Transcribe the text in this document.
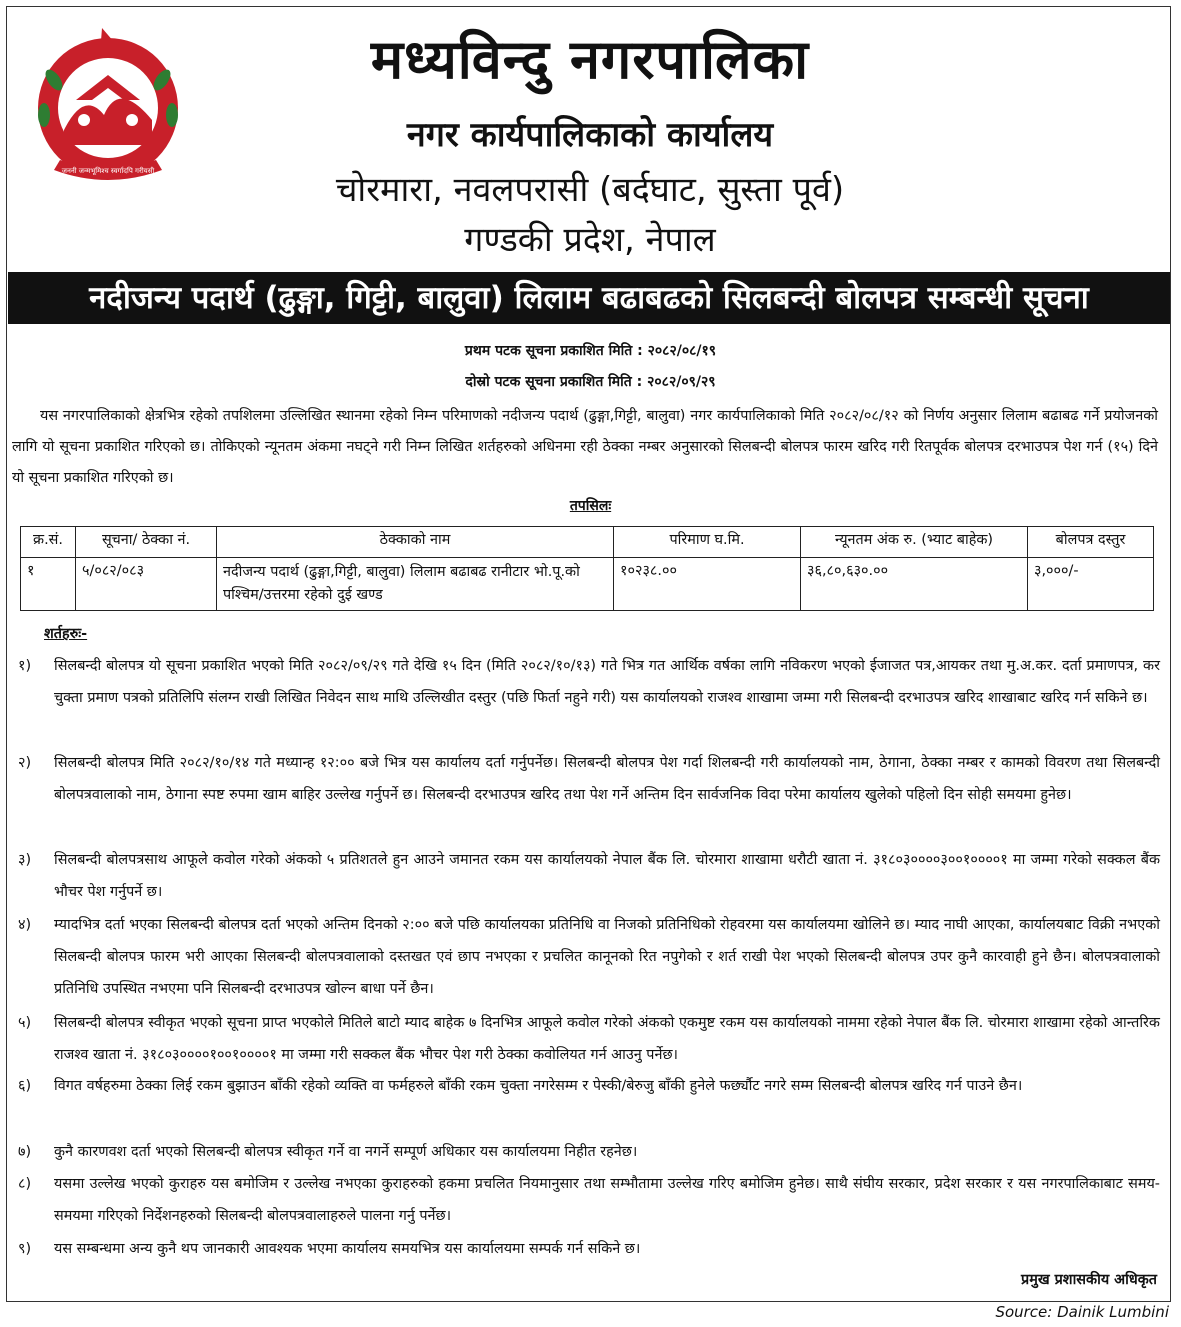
जननी जन्मभूमिश्च स्वर्गादपि गरीयसी
मध्यविन्दु नगरपालिका
नगर कार्यपालिकाको कार्यालय
चोरमारा, नवलपरासी (बर्दघाट, सुस्ता पूर्व)
गण्डकी प्रदेश, नेपाल
नदीजन्य पदार्थ (ढुङ्गा, गिट्टी, बालुवा) लिलाम बढाबढको सिलबन्दी बोलपत्र सम्बन्धी सूचना
प्रथम पटक सूचना प्रकाशित मिति : २०८२/०८/१९
दोस्रो पटक सूचना प्रकाशित मिति : २०८२/०९/२९

यस नगरपालिकाको क्षेत्रभित्र रहेको तपशिलमा उल्लिखित स्थानमा रहेको निम्न परिमाणको नदीजन्य पदार्थ (ढुङ्गा,गिट्टी, बालुवा) नगर कार्यपालिकाको मिति २०८२/०८/१२ को निर्णय अनुसार लिलाम बढाबढ गर्ने प्रयोजनको लागि यो सूचना प्रकाशित गरिएको छ। तोकिएको न्यूनतम अंकमा नघट्ने गरी निम्न लिखित शर्तहरुको अधिनमा रही ठेक्का नम्बर अनुसारको सिलबन्दी बोलपत्र फारम खरिद गरी रितपूर्वक बोलपत्र दरभाउपत्र पेश गर्न (१५) दिने यो सूचना प्रकाशित गरिएको छ।

तपसिलः
क्र.सं.	सूचना/ ठेक्का नं.	ठेक्काको नाम	परिमाण घ.मि.	न्यूनतम अंक रु. (भ्याट बाहेक)	बोलपत्र दस्तुर
१	५/०८२/०८३	नदीजन्य पदार्थ (ढुङ्गा,गिट्टी, बालुवा) लिलाम बढाबढ रानीटार भो.पू.को पश्चिम/उत्तरमा रहेको दुई खण्ड	१०२३८.००	३६,८०,६३०.००	३,०००/-
शर्तहरुः-
१) सिलबन्दी बोलपत्र यो सूचना प्रकाशित भएको मिति २०८२/०९/२९ गते देखि १५ दिन (मिति २०८२/१०/१३) गते भित्र गत आर्थिक वर्षका लागि नविकरण भएको ईजाजत पत्र,आयकर तथा मु.अ.कर. दर्ता प्रमाणपत्र, कर चुक्ता प्रमाण पत्रको प्रतिलिपि संलग्न राखी लिखित निवेदन साथ माथि उल्लिखीत दस्तुर (पछि फिर्ता नहुने गरी) यस कार्यालयको राजश्व शाखामा जम्मा गरी सिलबन्दी दरभाउपत्र खरिद शाखाबाट खरिद गर्न सकिने छ।
२) सिलबन्दी बोलपत्र मिति २०८२/१०/१४ गते मध्यान्ह १२:०० बजे भित्र यस कार्यालय दर्ता गर्नुपर्नेछ। सिलबन्दी बोलपत्र पेश गर्दा शिलबन्दी गरी कार्यालयको नाम, ठेगाना, ठेक्का नम्बर र कामको विवरण तथा सिलबन्दी बोलपत्रवालाको नाम, ठेगाना स्पष्ट रुपमा खाम बाहिर उल्लेख गर्नुपर्ने छ। सिलबन्दी दरभाउपत्र खरिद तथा पेश गर्ने अन्तिम दिन सार्वजनिक विदा परेमा कार्यालय खुलेको पहिलो दिन सोही समयमा हुनेछ।
३) सिलबन्दी बोलपत्रसाथ आफूले कवोल गरेको अंकको ५ प्रतिशतले हुन आउने जमानत रकम यस कार्यालयको नेपाल बैंक लि. चोरमारा शाखामा धरौटी खाता नं. ३१८०३००००३००१००००१ मा जम्मा गरेको सक्कल बैंक भौचर पेश गर्नुपर्ने छ।
४) म्यादभित्र दर्ता भएका सिलबन्दी बोलपत्र दर्ता भएको अन्तिम दिनको २:०० बजे पछि कार्यालयका प्रतिनिधि वा निजको प्रतिनिधिको रोहवरमा यस कार्यालयमा खोलिने छ। म्याद नाघी आएका, कार्यालयबाट विक्री नभएको सिलबन्दी बोलपत्र फारम भरी आएका सिलबन्दी बोलपत्रवालाको दस्तखत एवं छाप नभएका र प्रचलित कानूनको रित नपुगेको र शर्त राखी पेश भएको सिलबन्दी बोलपत्र उपर कुनै कारवाही हुने छैन। बोलपत्रवालाको प्रतिनिधि उपस्थित नभएमा पनि सिलबन्दी दरभाउपत्र खोल्न बाधा पर्ने छैन।
५) सिलबन्दी बोलपत्र स्वीकृत भएको सूचना प्राप्त भएकोले मितिले बाटो म्याद बाहेक ७ दिनभित्र आफूले कवोल गरेको अंकको एकमुष्ट रकम यस कार्यालयको नाममा रहेको नेपाल बैंक लि. चोरमारा शाखामा रहेको आन्तरिक राजश्व खाता नं. ३१८०३००००१००१००००१ मा जम्मा गरी सक्कल बैंक भौचर पेश गरी ठेक्का कवोलियत गर्न आउनु पर्नेछ।
६) विगत वर्षहरुमा ठेक्का लिई रकम बुझाउन बाँकी रहेको व्यक्ति वा फर्महरुले बाँकी रकम चुक्ता नगरेसम्म र पेस्की/बेरुजु बाँकी हुनेले फर्छ्यौट नगरे सम्म सिलबन्दी बोलपत्र खरिद गर्न पाउने छैन।
७) कुनै कारणवश दर्ता भएको सिलबन्दी बोलपत्र स्वीकृत गर्ने वा नगर्ने सम्पूर्ण अधिकार यस कार्यालयमा निहीत रहनेछ।
८) यसमा उल्लेख भएको कुराहरु यस बमोजिम र उल्लेख नभएका कुराहरुको हकमा प्रचलित नियमानुसार तथा सम्भौतामा उल्लेख गरिए बमोजिम हुनेछ। साथै संघीय सरकार, प्रदेश सरकार र यस नगरपालिकाबाट समय-समयमा गरिएको निर्देशनहरुको सिलबन्दी बोलपत्रवालाहरुले पालना गर्नु पर्नेछ।
९) यस सम्बन्धमा अन्य कुनै थप जानकारी आवश्यक भएमा कार्यालय समयभित्र यस कार्यालयमा सम्पर्क गर्न सकिने छ।
प्रमुख प्रशासकीय अधिकृत
Source: Dainik Lumbini
